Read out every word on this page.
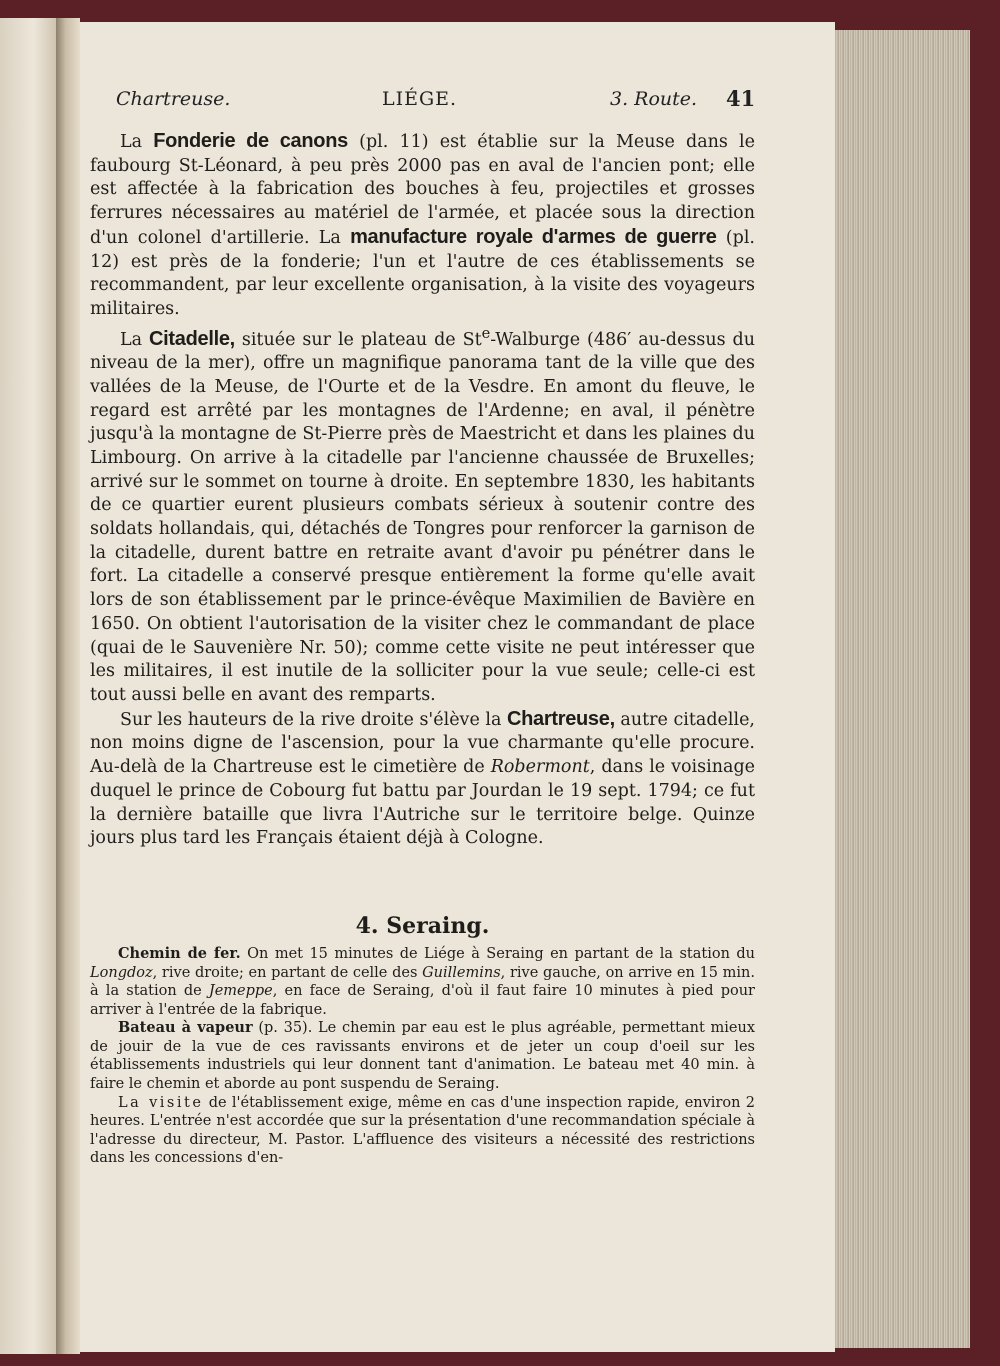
Chartreuse.	LIÉGE.	3. Route. 41

La Fonderie de canons (pl. 11) est établie sur la Meuse dans le faubourg St-Léonard, à peu près 2000 pas en aval de l'ancien pont; elle est affectée à la fabrication des bouches à feu, projectiles et grosses ferrures nécessaires au matériel de l'armée, et placée sous la direction d'un colonel d'artillerie. La manufacture royale d'armes de guerre (pl. 12) est près de la fonderie; l'un et l'autre de ces établissements se recommandent, par leur excellente organisation, à la visite des voyageurs militaires.

La Citadelle, située sur le plateau de St$^e$-Walburge (486′ au-dessus du niveau de la mer), offre un magnifique panorama tant de la ville que des vallées de la Meuse, de l'Ourte et de la Vesdre. En amont du fleuve, le regard est arrêté par les montagnes de l'Ardenne; en aval, il pénètre jusqu'à la montagne de St-Pierre près de Maestricht et dans les plaines du Limbourg. On arrive à la citadelle par l'ancienne chaussée de Bruxelles; arrivé sur le sommet on tourne à droite. En septembre 1830, les habitants de ce quartier eurent plusieurs combats sérieux à soutenir contre des soldats hollandais, qui, détachés de Tongres pour renforcer la garnison de la citadelle, durent battre en retraite avant d'avoir pu pénétrer dans le fort. La citadelle a conservé presque entièrement la forme qu'elle avait lors de son établissement par le prince-évêque Maximilien de Bavière en 1650. On obtient l'autorisation de la visiter chez le commandant de place (quai de le Sauvenière Nr. 50); comme cette visite ne peut intéresser que les militaires, il est inutile de la solliciter pour la vue seule; celle-ci est tout aussi belle en avant des remparts.

Sur les hauteurs de la rive droite s'élève la Chartreuse, autre citadelle, non moins digne de l'ascension, pour la vue charmante qu'elle procure. Au-delà de la Chartreuse est le cimetière de Robermont, dans le voisinage duquel le prince de Cobourg fut battu par Jourdan le 19 sept. 1794; ce fut la dernière bataille que livra l'Autriche sur le territoire belge. Quinze jours plus tard les Français étaient déjà à Cologne.

4. Seraing.

Chemin de fer. On met 15 minutes de Liége à Seraing en partant de la station du Longdoz, rive droite; en partant de celle des Guillemins, rive gauche, on arrive en 15 min. à la station de Jemeppe, en face de Seraing, d'où il faut faire 10 minutes à pied pour arriver à l'entrée de la fabrique.

Bateau à vapeur (p. 35). Le chemin par eau est le plus agréable, permettant mieux de jouir de la vue de ces ravissants environs et de jeter un coup d'oeil sur les établissements industriels qui leur donnent tant d'animation. Le bateau met 40 min. à faire le chemin et aborde au pont suspendu de Seraing.

La visite de l'établissement exige, même en cas d'une inspection rapide, environ 2 heures. L'entrée n'est accordée que sur la présentation d'une recommandation spéciale à l'adresse du directeur, M. Pastor. L'affluence des visiteurs a nécessité des restrictions dans les concessions d'en-
